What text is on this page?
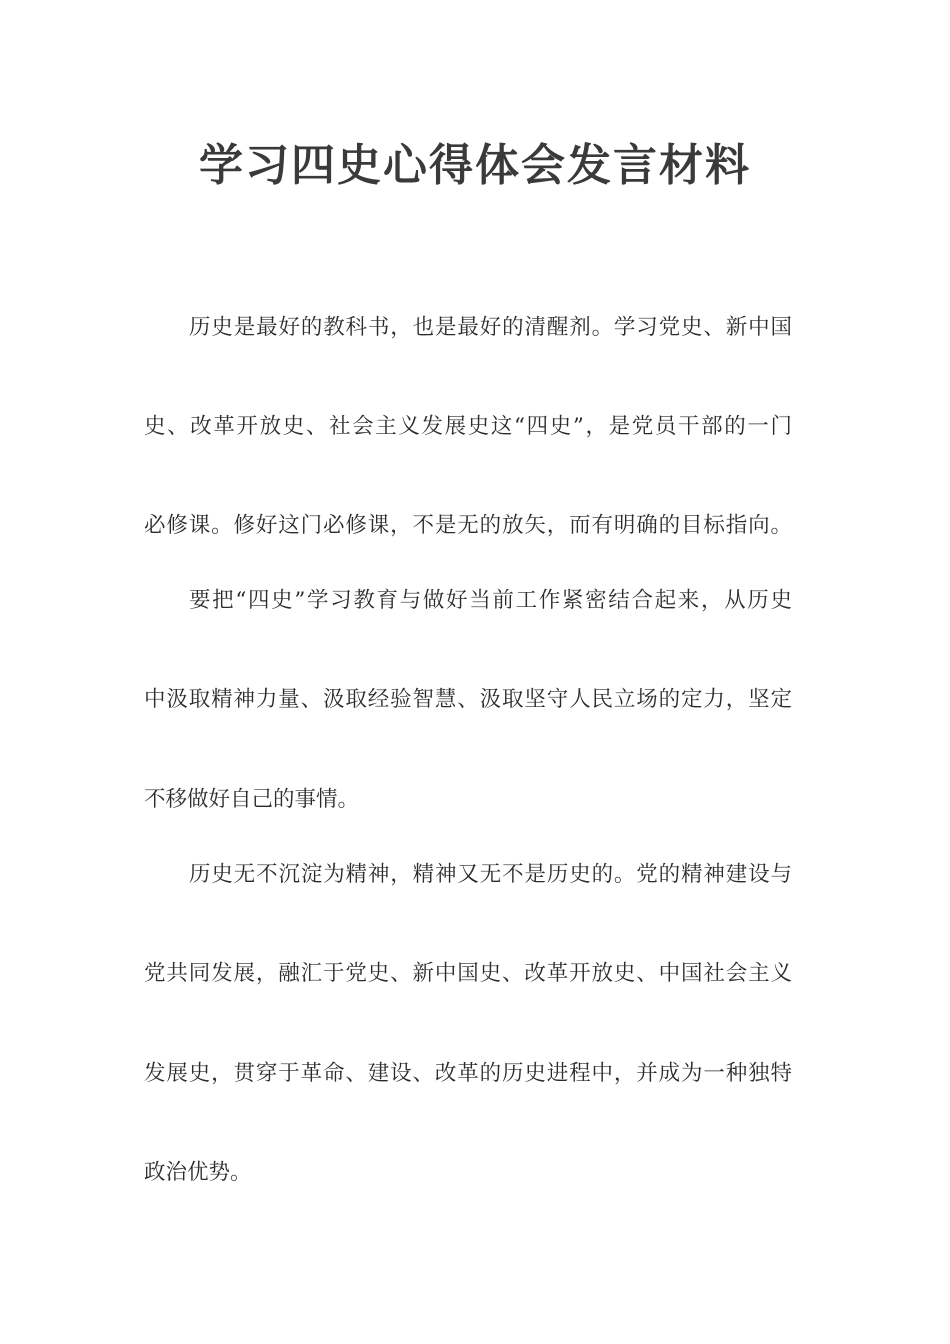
学习四史心得体会发言材料
历史是最好的教科书，也是最好的清醒剂。学习党史、新中国
史、改革开放史、社会主义发展史这“四史”，是党员干部的一门
必修课。修好这门必修课，不是无的放矢，而有明确的目标指向。
要把“四史”学习教育与做好当前工作紧密结合起来，从历史
中汲取精神力量、汲取经验智慧、汲取坚守人民立场的定力，坚定
不移做好自己的事情。
历史无不沉淀为精神，精神又无不是历史的。党的精神建设与
党共同发展，融汇于党史、新中国史、改革开放史、中国社会主义
发展史，贯穿于革命、建设、改革的历史进程中，并成为一种独特
政治优势。
